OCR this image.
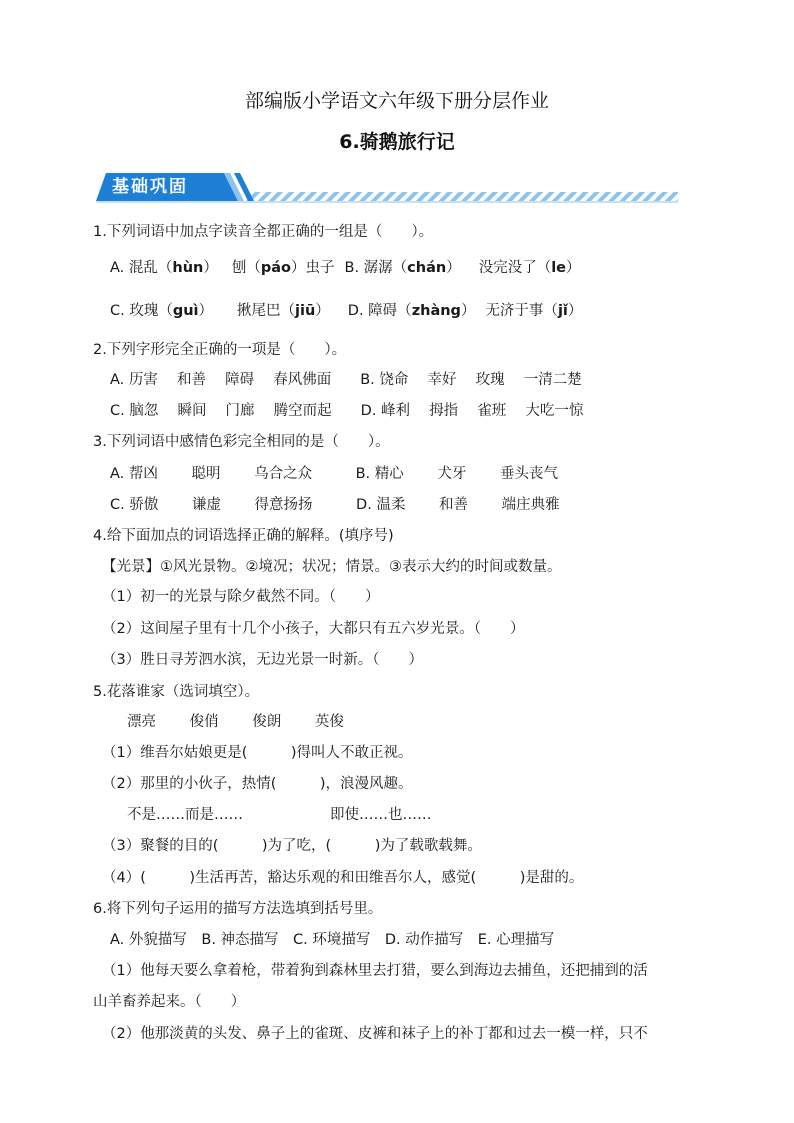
部编版小学语文六年级下册分层作业
6.骑鹅旅行记
基础巩固
1.下列词语中加点字读音全都正确的一组是（　　）。
A. 混乱（hùn） 刨（páo）虫子 B. 潺潺（chán） 没完没了（le）
C. 玫瑰（guì） 揪尾巴（jiū） D. 障碍（zhàng） 无济于事（jǐ）
2.下列字形完全正确的一项是（　　）。
A. 历害　 和善　 障碍　 春风佛面　　B. 饶命　 幸好　 玫瑰　 一清二楚
C. 脑忽　 瞬间　 门廊　 腾空而起　　D. 峰利　 拇指　 雀班　 大吃一惊
3.下列词语中感情色彩完全相同的是（　　）。
A. 帮凶　　 聪明　　 乌合之众　　　B. 精心　　 犬牙　　 垂头丧气
C. 骄傲　　 谦虚　　 得意扬扬　　　D. 温柔　　 和善　　 端庄典雅
4.给下面加点的词语选择正确的解释。(填序号)
【光景】①风光景物。②境况；状况；情景。③表示大约的时间或数量。
（1）初一的光景与除夕截然不同。（　　）
（2）这间屋子里有十几个小孩子，大都只有五六岁光景。（　　）
（3）胜日寻芳泗水滨，无边光景一时新。（　　）
5.花落谁家（选词填空）。
漂亮　　 俊俏　　 俊朗　　 英俊
（1）维吾尔姑娘更是(　　　)得叫人不敢正视。
（2）那里的小伙子，热情(　　　)，浪漫风趣。
不是……而是……　　　　　　即使……也……
（3）聚餐的目的(　　　)为了吃，(　　　)为了载歌载舞。
（4）(　　　)生活再苦，豁达乐观的和田维吾尔人，感觉(　　　)是甜的。
6.将下列句子运用的描写方法选填到括号里。
A. 外貌描写　B. 神态描写　C. 环境描写　D. 动作描写　E. 心理描写
（1）他每天要么拿着枪，带着狗到森林里去打猎，要么到海边去捕鱼，还把捕到的活
山羊畜养起来。（　　）
（2）他那淡黄的头发、鼻子上的雀斑、皮裤和袜子上的补丁都和过去一模一样，只不
